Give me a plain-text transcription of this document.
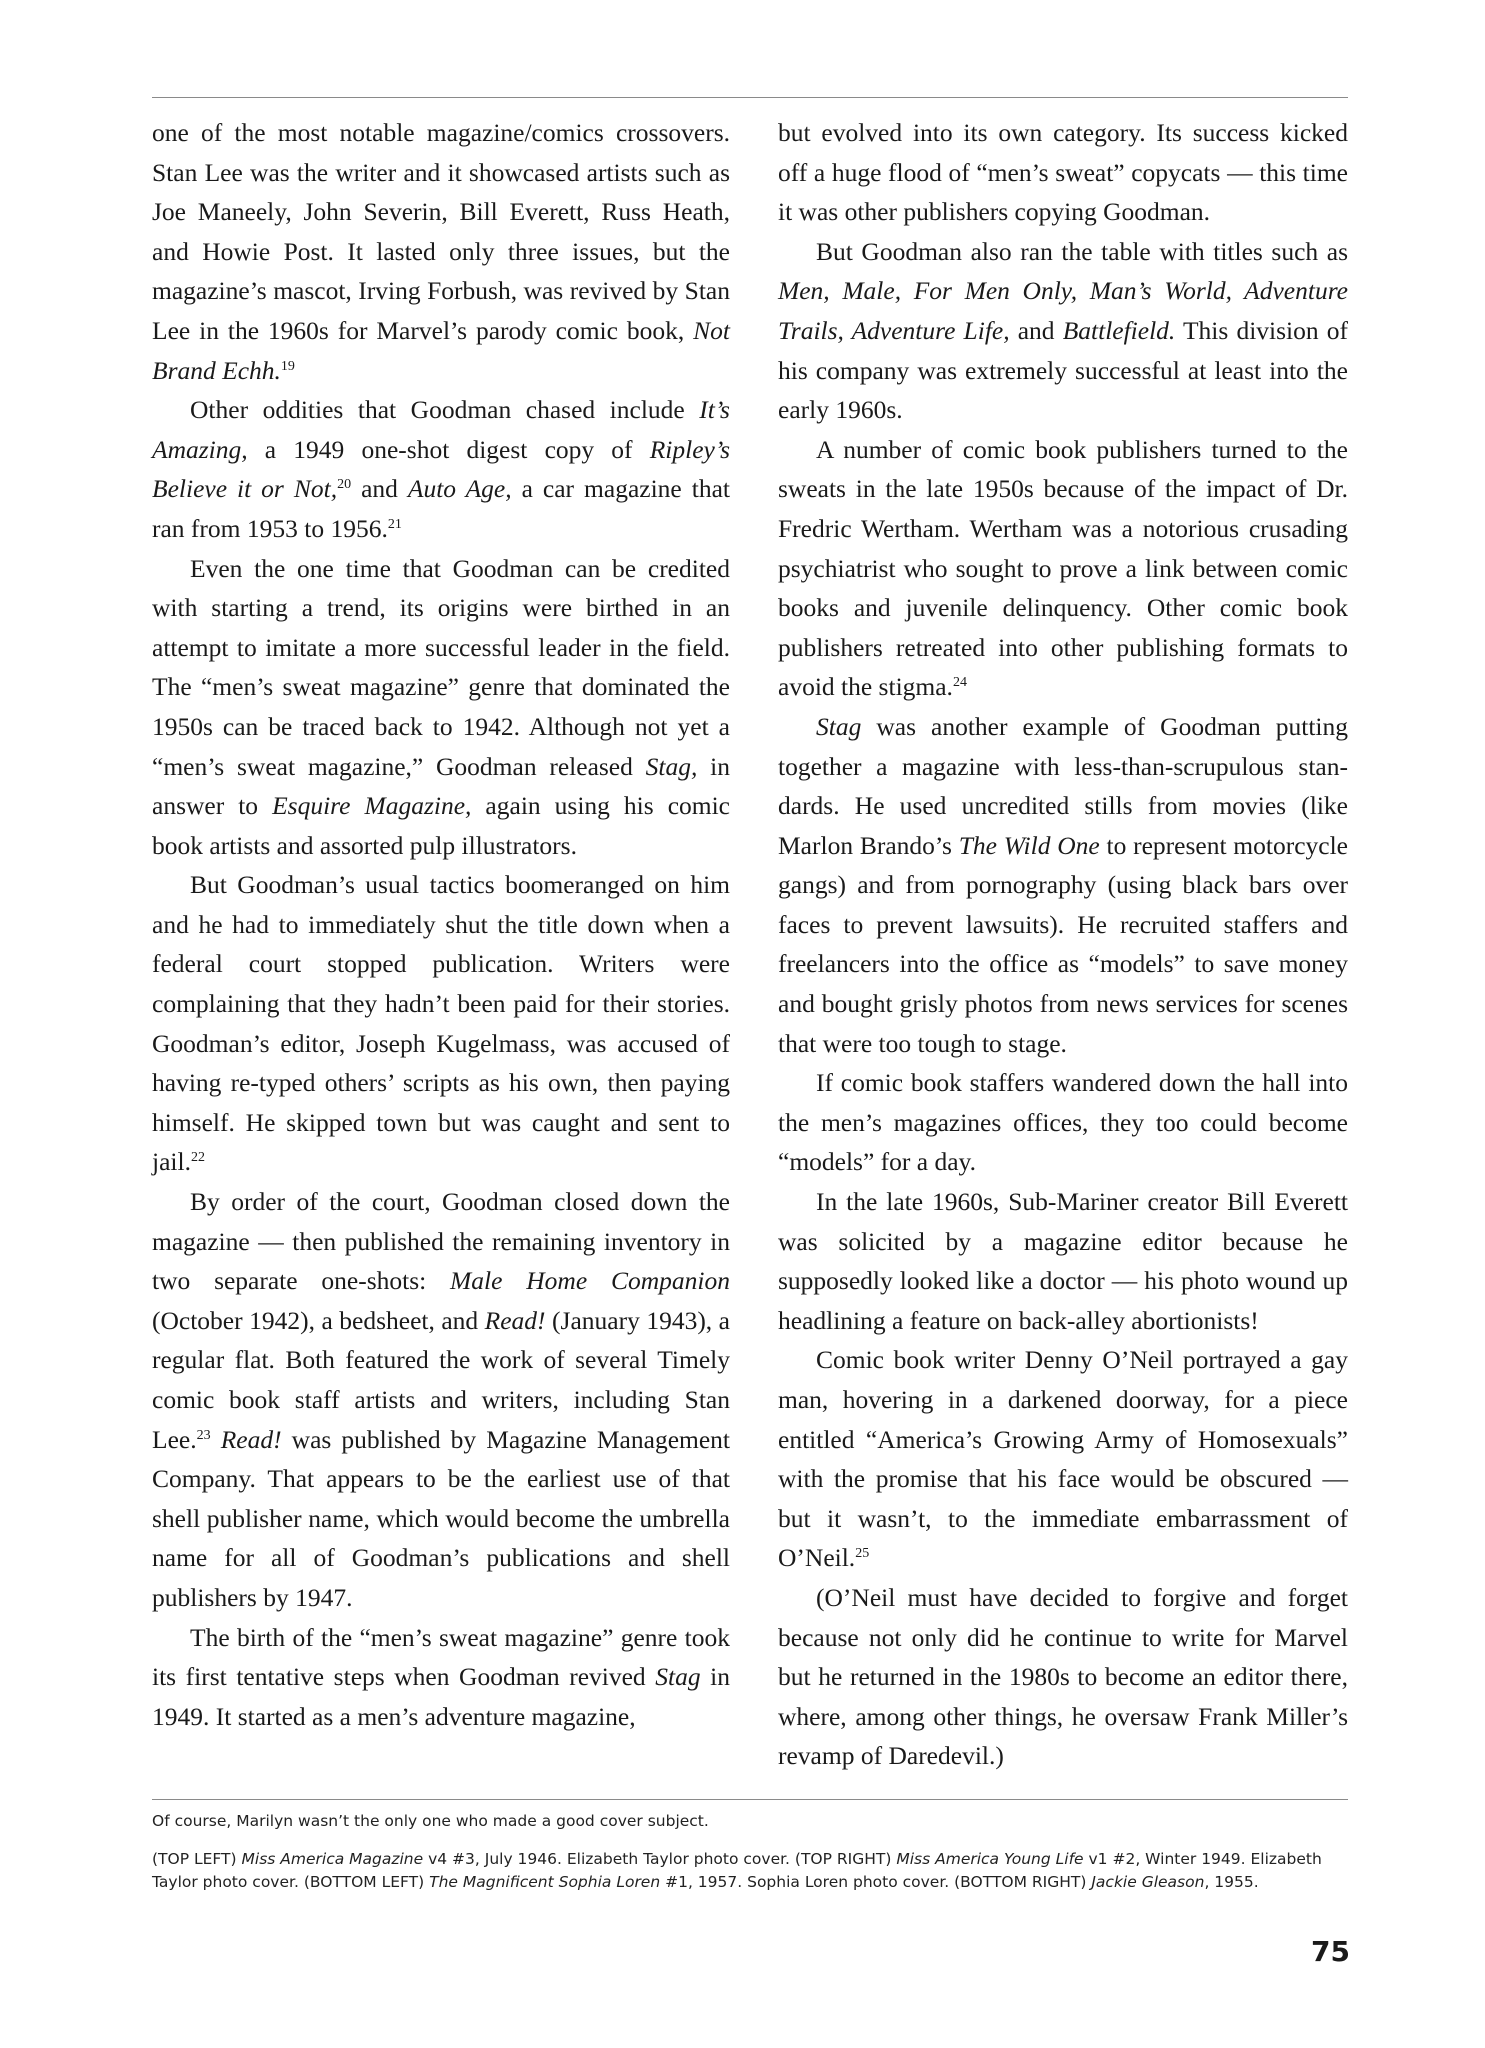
one of the most notable magazine/comics crossovers. Stan Lee was the writer and it showcased artists such as Joe Maneely, John Severin, Bill Everett, Russ Heath, and Howie Post. It lasted only three issues, but the magazine’s mascot, Irving Forbush, was revived by Stan Lee in the 1960s for Marvel’s parody comic book, Not Brand Echh.$^{19}$

Other oddities that Goodman chased include It’s Amazing, a 1949 one-shot digest copy of Ripley’s Believe it or Not,$^{20}$ and Auto Age, a car magazine that ran from 1953 to 1956.21

Even the one time that Goodman can be credited with starting a trend, its origins were birthed in an attempt to imitate a more successful leader in the field. The “men’s sweat magazine” genre that dominated the 1950s can be traced back to 1942. Although not yet a “men’s sweat magazine,” Goodman released Stag, in answer to Esquire Magazine, again using his comic book artists and assorted pulp illustrators.

But Goodman’s usual tactics boomeranged on him and he had to immediately shut the title down when a federal court stopped publication. Writers were complaining that they hadn’t been paid for their stories. Goodman’s editor, Joseph Kugelmass, was accused of having re-typed others’ scripts as his own, then paying himself. He skipped town but was caught and sent to jail.$^{22}$

By order of the court, Goodman closed down the magazine — then published the remaining inventory in two separate one-shots: Male Home Companion (October 1942), a bedsheet, and Read! (January 1943), a regular flat. Both featured the work of several Timely comic book staff artists and writers, including Stan Lee.$^{23}$ Read! was published by Magazine Management Company. That appears to be the earliest use of that shell publisher name, which would become the umbrella name for all of Goodman’s publications and shell publishers by 1947.

The birth of the “men’s sweat magazine” genre took its first tentative steps when Goodman revived Stag in 1949. It started as a men’s adventure magazine,

but evolved into its own category. Its success kicked off a huge flood of “men’s sweat” copycats — this time it was other publishers copying Goodman.

But Goodman also ran the table with titles such as Men, Male, For Men Only, Man’s World, Adventure Trails, Adventure Life, and Battlefield. This division of his company was extremely successful at least into the early 1960s.

A number of comic book publishers turned to the sweats in the late 1950s because of the impact of Dr. Fredric Wertham. Wertham was a notorious crusading psychiatrist who sought to prove a link between comic books and juvenile delinquency. Other comic book publishers retreated into other publishing formats to avoid the stigma.$^{24}$

Stag was another example of Goodman putting together a magazine with less-than-scrupulous standards. He used uncredited stills from movies (like Marlon Brando’s The Wild One to represent motorcycle gangs) and from pornography (using black bars over faces to prevent lawsuits). He recruited staffers and freelancers into the office as “models” to save money and bought grisly photos from news services for scenes that were too tough to stage.

If comic book staffers wandered down the hall into the men’s magazines offices, they too could become “models” for a day.

In the late 1960s, Sub-Mariner creator Bill Everett was solicited by a magazine editor because he supposedly looked like a doctor — his photo wound up headlining a feature on back-alley abortionists!

Comic book writer Denny O’Neil portrayed a gay man, hovering in a darkened doorway, for a piece entitled “America’s Growing Army of Homosexuals” with the promise that his face would be obscured — but it wasn’t, to the immediate embarrassment of O’Neil.$^{25}$

(O’Neil must have decided to forgive and forget because not only did he continue to write for Marvel but he returned in the 1980s to become an editor there, where, among other things, he oversaw Frank Miller’s revamp of Daredevil.)

Of course, Marilyn wasn’t the only one who made a good cover subject.
(TOP LEFT) Miss America Magazine v4 #3, July 1946. Elizabeth Taylor photo cover. (TOP RIGHT) Miss America Young Life v1 #2, Winter 1949. Elizabeth Taylor photo cover. (BOTTOM LEFT) The Magnificent Sophia Loren #1, 1957. Sophia Loren photo cover. (BOTTOM RIGHT) Jackie Gleason, 1955.
75
